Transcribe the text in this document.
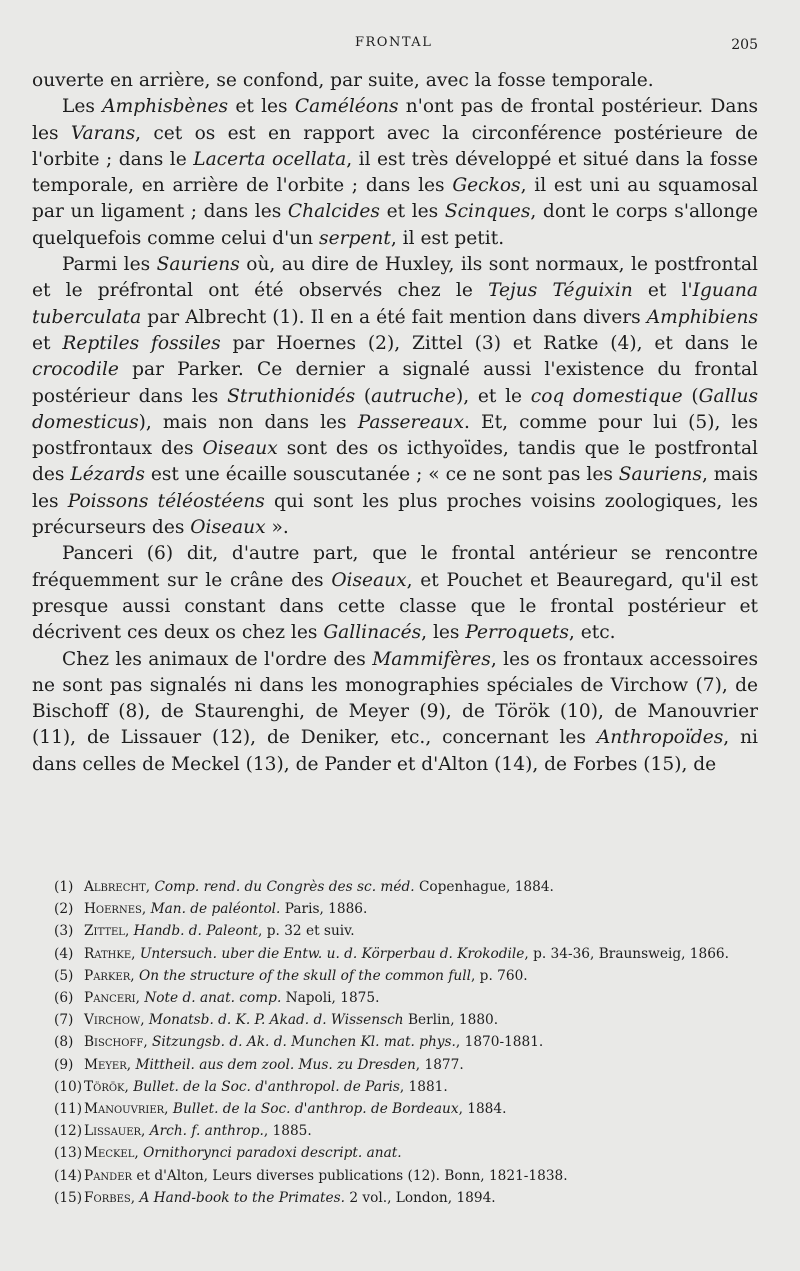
FRONTAL	205

ouverte en arrière, se confond, par suite, avec la fosse temporale.

Les Amphisbènes et les Caméléons n'ont pas de frontal postérieur. Dans les Varans, cet os est en rapport avec la circonférence postérieure de l'orbite ; dans le Lacerta ocellata, il est très développé et situé dans la fosse temporale, en arrière de l'orbite ; dans les Geckos, il est uni au squamosal par un ligament ; dans les Chalcides et les Scinques, dont le corps s'allonge quelquefois comme celui d'un serpent, il est petit.

Parmi les Sauriens où, au dire de Huxley, ils sont normaux, le postfrontal et le préfrontal ont été observés chez le Tejus Téguixin et l'Iguana tuberculata par Albrecht (1). Il en a été fait mention dans divers Amphibiens et Reptiles fossiles par Hoernes (2), Zittel (3) et Ratke (4), et dans le crocodile par Parker. Ce dernier a signalé aussi l'existence du frontal postérieur dans les Struthionidés (autruche), et le coq domestique (Gallus domesticus), mais non dans les Passereaux. Et, comme pour lui (5), les postfrontaux des Oiseaux sont des os icthyoïdes, tandis que le postfrontal des Lézards est une écaille souscutanée ; « ce ne sont pas les Sauriens, mais les Poissons téléostéens qui sont les plus proches voisins zoologiques, les précurseurs des Oiseaux ».

Panceri (6) dit, d'autre part, que le frontal antérieur se rencontre fréquemment sur le crâne des Oiseaux, et Pouchet et Beauregard, qu'il est presque aussi constant dans cette classe que le frontal postérieur et décrivent ces deux os chez les Gallinacés, les Perroquets, etc.

Chez les animaux de l'ordre des Mammifères, les os frontaux accessoires ne sont pas signalés ni dans les monographies spéciales de Virchow (7), de Bischoff (8), de Staurenghi, de Meyer (9), de Török (10), de Manouvrier (11), de Lissauer (12), de Deniker, etc., concernant les Anthropoïdes, ni dans celles de Meckel (13), de Pander et d'Alton (14), de Forbes (15), de

(1) Albrecht, Comp. rend. du Congrès des sc. méd. Copenhague, 1884.
(2) Hoernes, Man. de paléontol. Paris, 1886.
(3) Zittel, Handb. d. Paleont, p. 32 et suiv.
(4) Rathke, Untersuch. uber die Entw. u. d. Körperbau d. Krokodile, p. 34-36, Braunsweig, 1866.
(5) Parker, On the structure of the skull of the common full, p. 760.
(6) Panceri, Note d. anat. comp. Napoli, 1875.
(7) Virchow, Monatsb. d. K. P. Akad. d. Wissensch Berlin, 1880.
(8) Bischoff, Sitzungsb. d. Ak. d. Munchen Kl. mat. phys., 1870-1881.
(9) Meyer, Mittheil. aus dem zool. Mus. zu Dresden, 1877.
(10) Török, Bullet. de la Soc. d'anthropol. de Paris, 1881.
(11) Manouvrier, Bullet. de la Soc. d'anthrop. de Bordeaux, 1884.
(12) Lissauer, Arch. f. anthrop., 1885.
(13) Meckel, Ornithorynci paradoxi descript. anat.
(14) Pander et d'Alton, Leurs diverses publications (12). Bonn, 1821-1838.
(15) Forbes, A Hand-book to the Primates. 2 vol., London, 1894.
